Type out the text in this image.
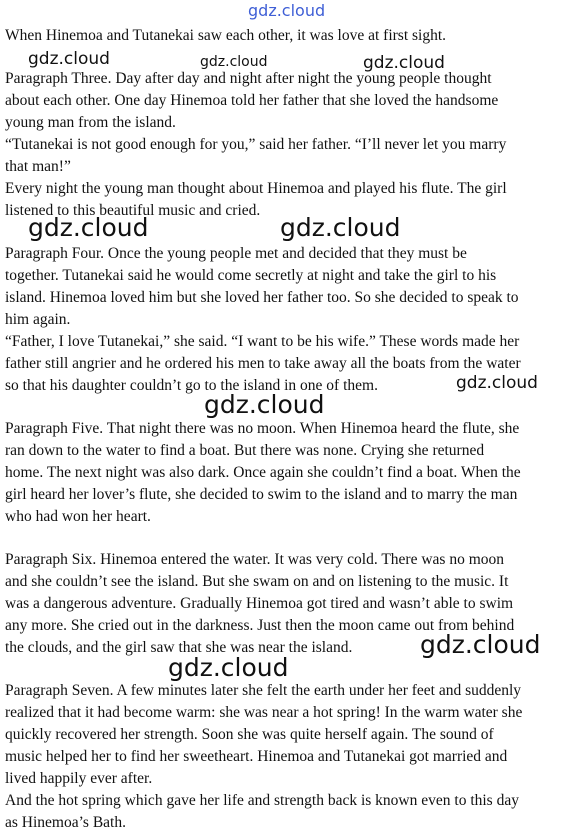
gdz.cloud

When Hinemoa and Tutanekai saw each other, it was love at first sight.

Paragraph Three. Day after day and night after night the young people thought

about each other. One day Hinemoa told her father that she loved the handsome

young man from the island.

“Tutanekai is not good enough for you,” said her father. “I’ll never let you marry

that man!”

Every night the young man thought about Hinemoa and played his flute. The girl

listened to this beautiful music and cried.

Paragraph Four. Once the young people met and decided that they must be

together. Tutanekai said he would come secretly at night and take the girl to his

island. Hinemoa loved him but she loved her father too. So she decided to speak to

him again.

“Father, I love Tutanekai,” she said. “I want to be his wife.” These words made her

father still angrier and he ordered his men to take away all the boats from the water

so that his daughter couldn’t go to the island in one of them.

Paragraph Five. That night there was no moon. When Hinemoa heard the flute, she

ran down to the water to find a boat. But there was none. Crying she returned

home. The next night was also dark. Once again she couldn’t find a boat. When the

girl heard her lover’s flute, she decided to swim to the island and to marry the man

who had won her heart.

Paragraph Six. Hinemoa entered the water. It was very cold. There was no moon

and she couldn’t see the island. But she swam on and on listening to the music. It

was a dangerous adventure. Gradually Hinemoa got tired and wasn’t able to swim

any more. She cried out in the darkness. Just then the moon came out from behind

the clouds, and the girl saw that she was near the island.

Paragraph Seven. A few minutes later she felt the earth under her feet and suddenly

realized that it had become warm: she was near a hot spring! In the warm water she

quickly recovered her strength. Soon she was quite herself again. The sound of

music helped her to find her sweetheart. Hinemoa and Tutanekai got married and

lived happily ever after.

And the hot spring which gave her life and strength back is known even to this day

as Hinemoa’s Bath.

gdz.cloud	gdz.cloud	gdz.cloud
gdz.cloud	gdz.cloud
gdz.cloud
gdz.cloud
gdz.cloud
gdz.cloud
